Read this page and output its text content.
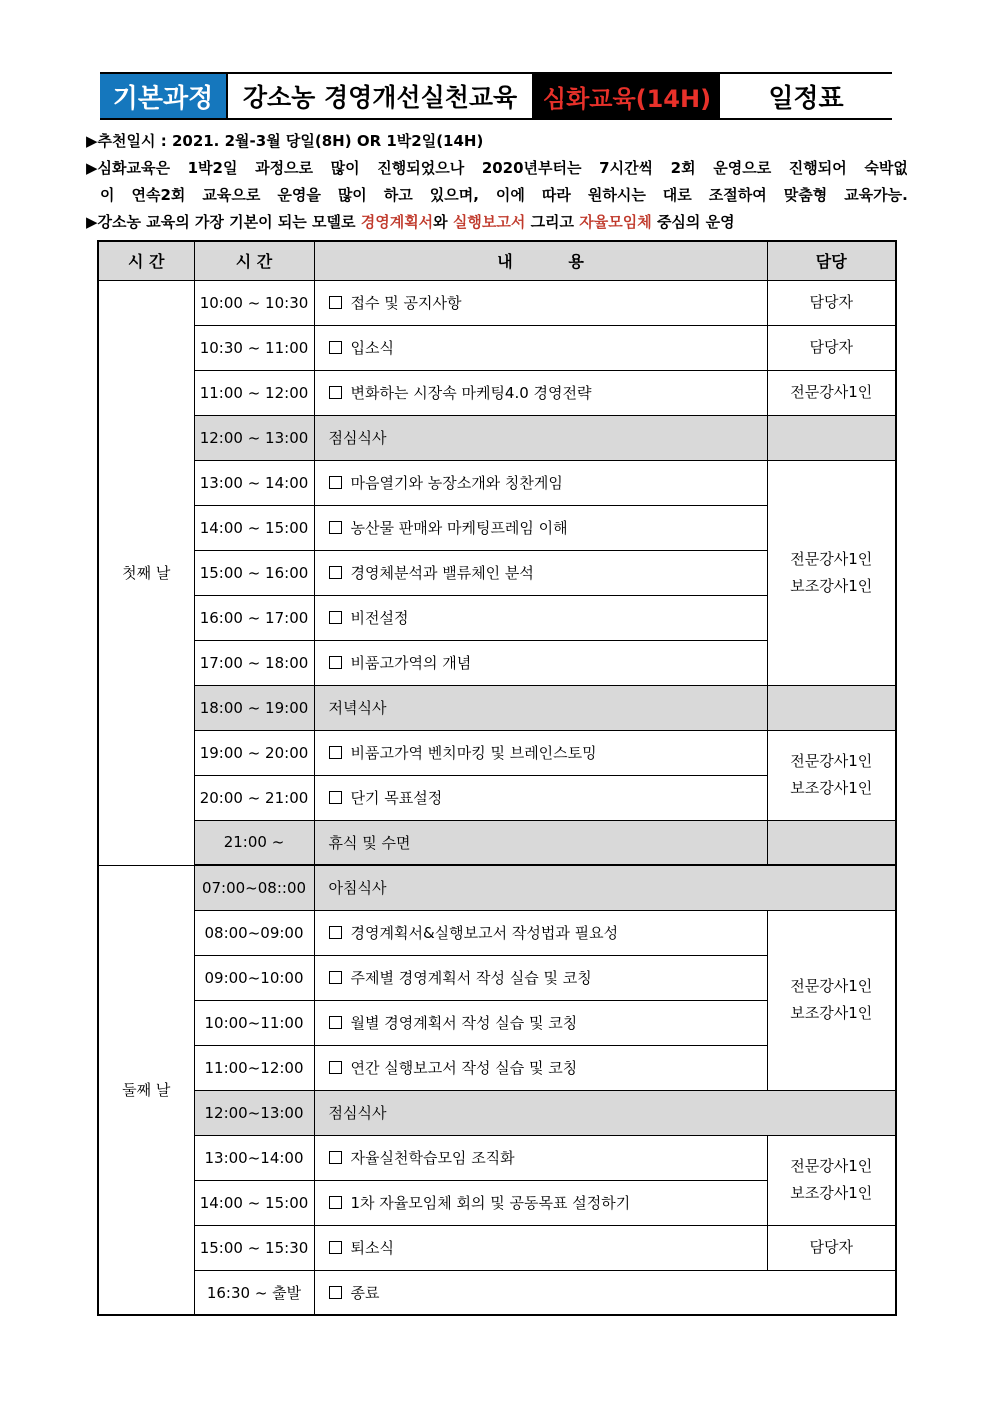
기본과정	강소농 경영개선실천교육	심화교육(14H)	일정표
▶추천일시 : 2021. 2월-3월 당일(8H) OR 1박2일(14H)
▶심화교육은 1박2일 과정으로 많이 진행되었으나 2020년부터는 7시간씩 2회 운영으로 진행되어 숙박없
이 연속2회 교육으로 운영을 많이 하고 있으며, 이에 따라 원하시는 대로 조절하여 맞춤형 교육가능.
▶강소농 교육의 가장 기본이 되는 모델로 경영계획서와 실행보고서 그리고 자율모임체 중심의 운영
시 간	시 간	내          용	담당
첫째 날	10:00 ~ 10:30	접수 및 공지사항	담당자
	10:30 ~ 11:00	입소식	담당자
	11:00 ~ 12:00	변화하는 시장속 마케팅4.0 경영전략	전문강사1인
	12:00 ~ 13:00	점심식사	
	13:00 ~ 14:00	마음열기와 농장소개와 칭찬게임	전문강사1인
보조강사1인
	14:00 ~ 15:00	농산물 판매와 마케팅프레임 이해	
	15:00 ~ 16:00	경영체분석과 밸류체인 분석	
	16:00 ~ 17:00	비전설정	
	17:00 ~ 18:00	비품고가역의 개념	
	18:00 ~ 19:00	저녁식사	
	19:00 ~ 20:00	비품고가역 벤치마킹 및 브레인스토밍	전문강사1인
보조강사1인
	20:00 ~ 21:00	단기 목표설정	
	21:00 ~	휴식 및 수면	
둘째 날	07:00~08::00	아침식사	
	08:00~09:00	경영계획서&실행보고서 작성법과 필요성	전문강사1인
보조강사1인
	09:00~10:00	주제별 경영계획서 작성 실습 및 코칭	
	10:00~11:00	월별 경영계획서 작성 실습 및 코칭	
	11:00~12:00	연간 실행보고서 작성 실습 및 코칭	
	12:00~13:00	점심식사	
	13:00~14:00	자율실천학습모임 조직화	전문강사1인
보조강사1인
	14:00 ~ 15:00	1차 자율모임체 회의 및 공동목표 설정하기	
	15:00 ~ 15:30	퇴소식	담당자
	16:30 ~ 출발	종료	
